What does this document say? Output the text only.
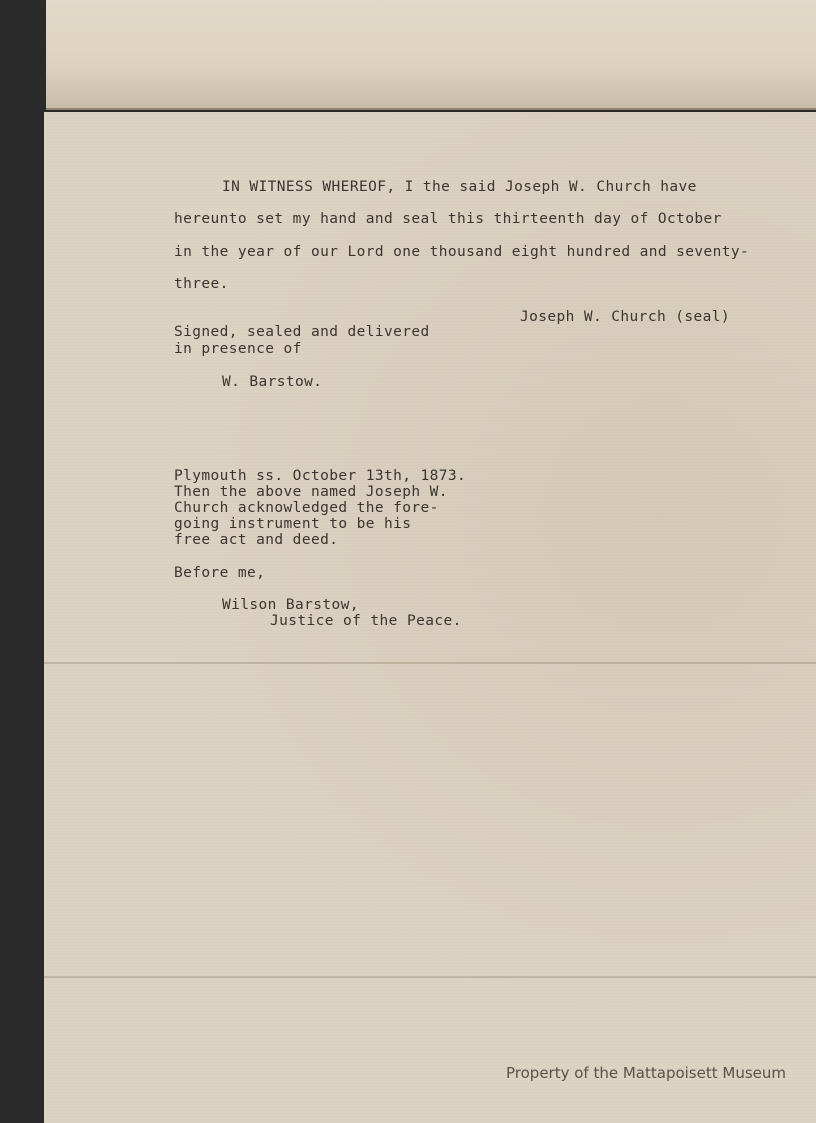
IN WITNESS WHEREOF, I the said Joseph W. Church have

hereunto set my hand and seal this thirteenth day of October

in the year of our Lord one thousand eight hundred and seventy-

three.

Joseph W. Church (seal)

Signed, sealed and delivered

in presence of

W. Barstow.

Plymouth ss. October 13th, 1873.

Then the above named Joseph W.

Church acknowledged the fore-

going instrument to be his

free act and deed.

Before me,

Wilson Barstow,

Justice of the Peace.

Property of the Mattapoisett Museum
